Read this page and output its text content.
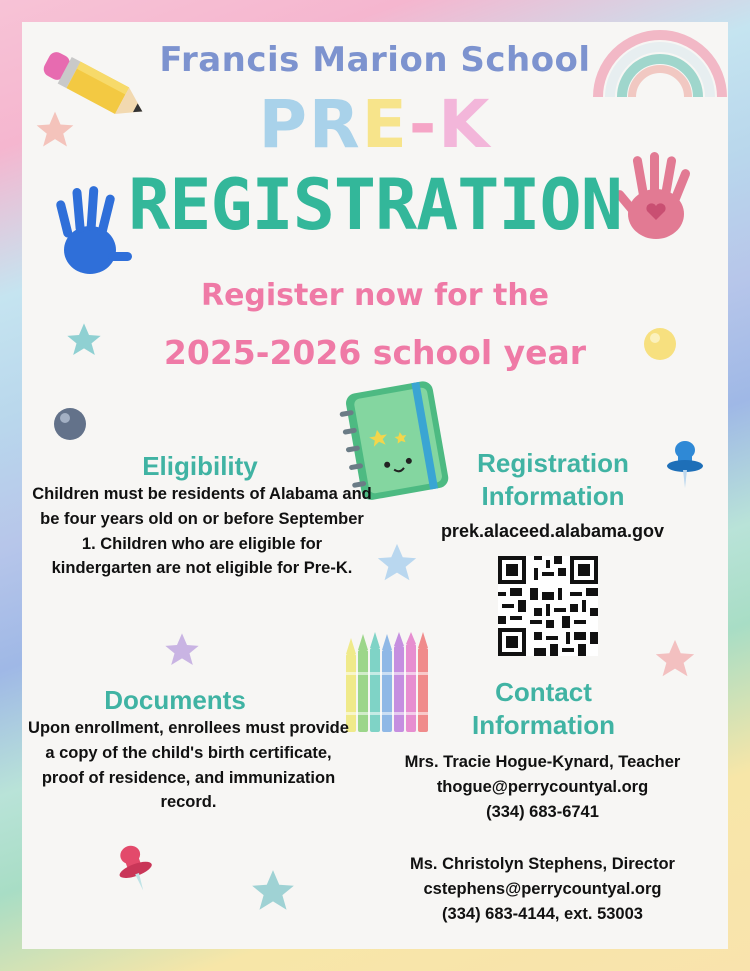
Francis Marion School
PRE-K
REGISTRATION
Register now for the
2025-2026 school year
Eligibility
Children must be residents of Alabama and be four years old on or before September 1. Children who are eligible for kindergarten are not eligible for Pre-K.
Registration
Information
prek.alaceed.alabama.gov
Documents
Upon enrollment, enrollees must provide a copy of the child's birth certificate, proof of residence, and immunization record.
Contact
Information
Mrs. Tracie Hogue-Kynard, Teacher
thogue@perrycountyal.org
(334) 683-6741
Ms. Christolyn Stephens, Director
cstephens@perrycountyal.org
(334) 683-4144, ext. 53003
